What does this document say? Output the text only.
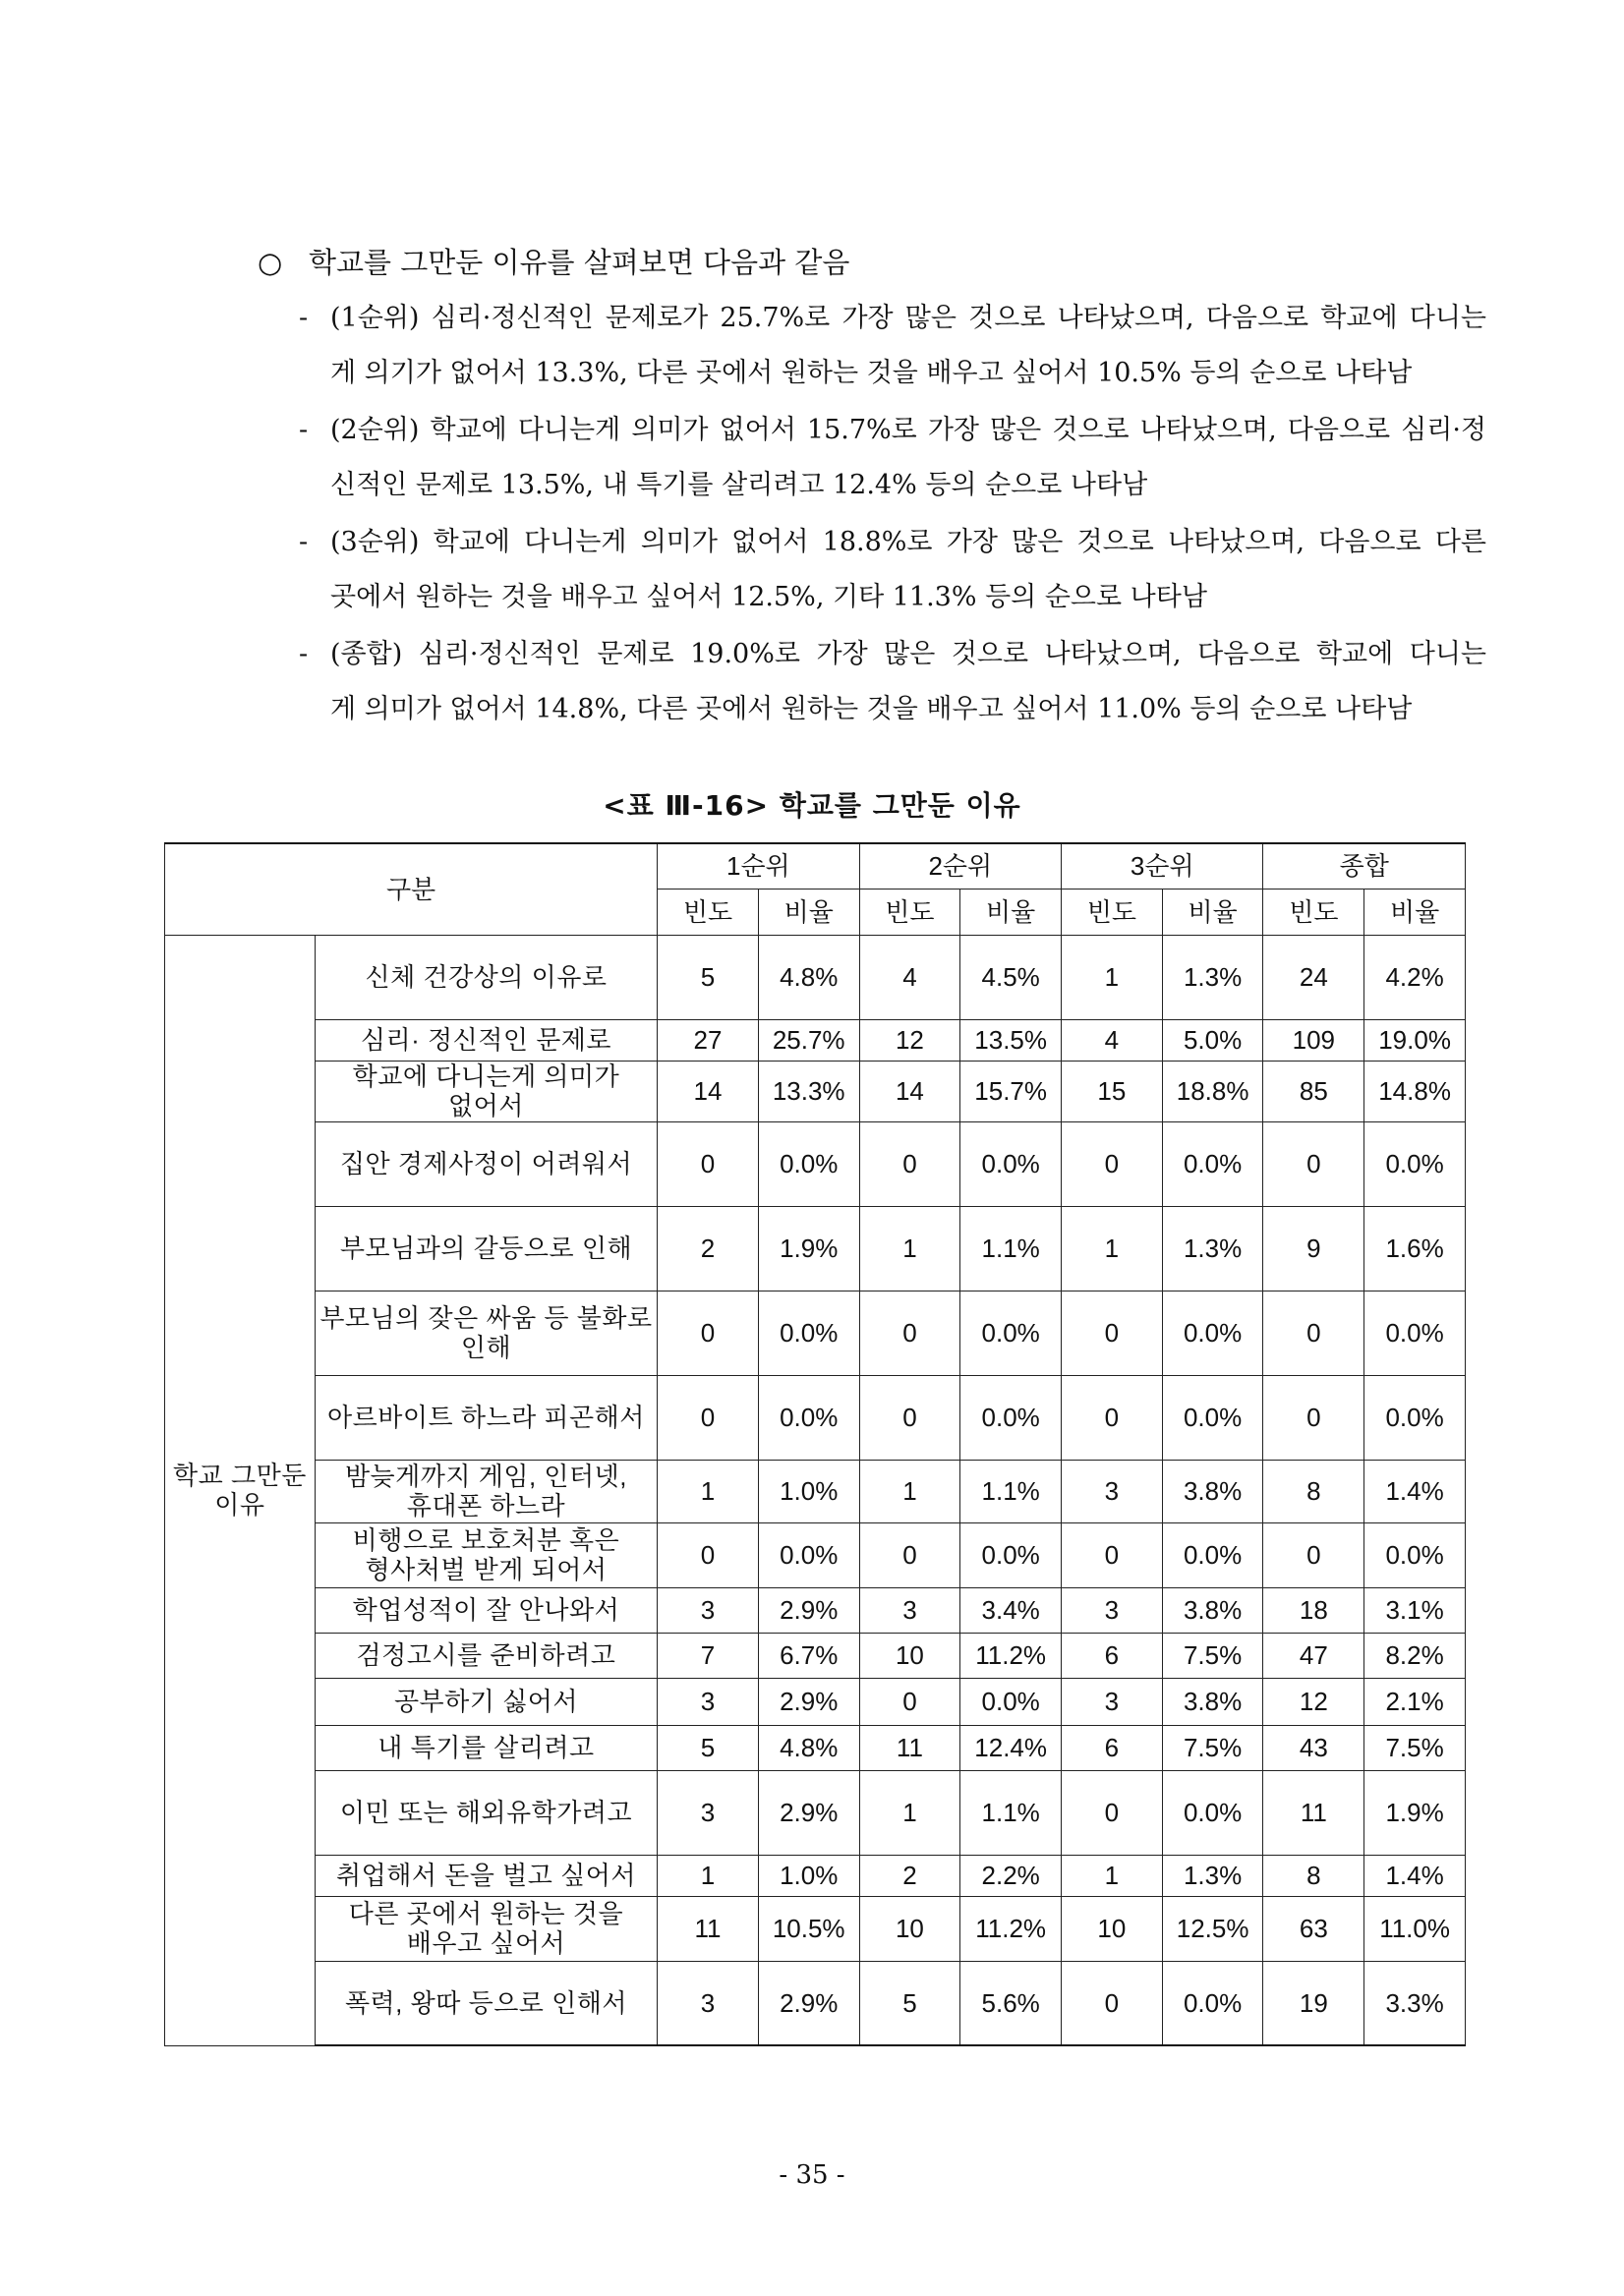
○ 학교를 그만둔 이유를 살펴보면 다음과 같음
- (1순위) 심리·정신적인 문제로가 25.7%로 가장 많은 것으로 나타났으며, 다음으로 학교에 다니는
게 의기가 없어서 13.3%, 다른 곳에서 원하는 것을 배우고 싶어서 10.5% 등의 순으로 나타남
- (2순위) 학교에 다니는게 의미가 없어서 15.7%로 가장 많은 것으로 나타났으며, 다음으로 심리·정
신적인 문제로 13.5%, 내 특기를 살리려고 12.4% 등의 순으로 나타남
- (3순위) 학교에 다니는게 의미가 없어서 18.8%로 가장 많은 것으로 나타났으며, 다음으로 다른
곳에서 원하는 것을 배우고 싶어서 12.5%, 기타 11.3% 등의 순으로 나타남
- (종합) 심리·정신적인 문제로 19.0%로 가장 많은 것으로 나타났으며, 다음으로 학교에 다니는
게 의미가 없어서 14.8%, 다른 곳에서 원하는 것을 배우고 싶어서 11.0% 등의 순으로 나타남
<표 Ⅲ-16> 학교를 그만둔 이유
구분		1순위		2순위		3순위		종합	
		빈도	비율	빈도	비율	빈도	비율	빈도	비율
학교 그만둔
이유	신체 건강상의 이유로	5	4.8%	4	4.5%	1	1.3%	24	4.2%
	심리· 정신적인 문제로	27	25.7%	12	13.5%	4	5.0%	109	19.0%
	학교에 다니는게 의미가
없어서	14	13.3%	14	15.7%	15	18.8%	85	14.8%
	집안 경제사정이 어려워서	0	0.0%	0	0.0%	0	0.0%	0	0.0%
	부모님과의 갈등으로 인해	2	1.9%	1	1.1%	1	1.3%	9	1.6%
	부모님의 잦은 싸움 등 불화로
인해	0	0.0%	0	0.0%	0	0.0%	0	0.0%
	아르바이트 하느라 피곤해서	0	0.0%	0	0.0%	0	0.0%	0	0.0%
	밤늦게까지 게임, 인터넷,
휴대폰 하느라	1	1.0%	1	1.1%	3	3.8%	8	1.4%
	비행으로 보호처분 혹은
형사처벌 받게 되어서	0	0.0%	0	0.0%	0	0.0%	0	0.0%
	학업성적이 잘 안나와서	3	2.9%	3	3.4%	3	3.8%	18	3.1%
	검정고시를 준비하려고	7	6.7%	10	11.2%	6	7.5%	47	8.2%
	공부하기 싫어서	3	2.9%	0	0.0%	3	3.8%	12	2.1%
	내 특기를 살리려고	5	4.8%	11	12.4%	6	7.5%	43	7.5%
	이민 또는 해외유학가려고	3	2.9%	1	1.1%	0	0.0%	11	1.9%
	취업해서 돈을 벌고 싶어서	1	1.0%	2	2.2%	1	1.3%	8	1.4%
	다른 곳에서 원하는 것을
배우고 싶어서	11	10.5%	10	11.2%	10	12.5%	63	11.0%
	폭력, 왕따 등으로 인해서	3	2.9%	5	5.6%	0	0.0%	19	3.3%
- 35 -
